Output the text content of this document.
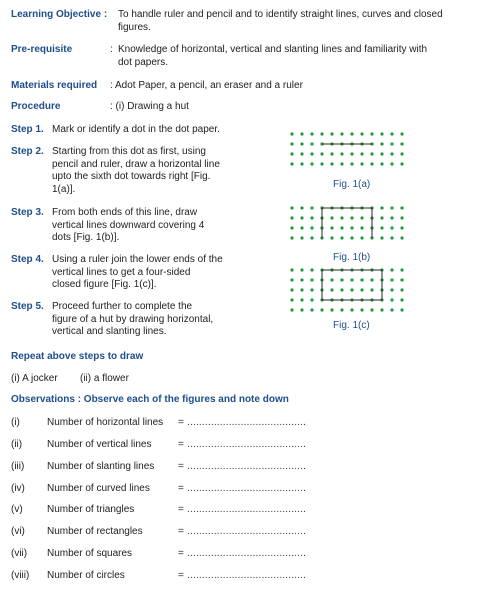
Learning Objective : To handle ruler and pencil and to identify straight lines, curves and closed
figures.
Pre-requisite	: Knowledge of horizontal, vertical and slanting lines and familiarity with
dot papers.
Materials required : Adot Paper, a pencil, an eraser and a ruler
Procedure	: (i) Drawing a hut
Step 1. Mark or identify a dot in the dot paper.
Step 2. Starting from this dot as first, using
pencil and ruler, draw a horizontal line
upto the sixth dot towards right [Fig.
1(a)].
Step 3. From both ends of this line, draw
vertical lines downward covering 4
dots [Fig. 1(b)].
Step 4. Using a ruler join the lower ends of the
vertical lines to get a four-sided
closed figure [Fig. 1(c)].
Step 5. Proceed further to complete the
figure of a hut by drawing horizontal,
vertical and slanting lines.
Fig. 1(a)
Fig. 1(b)
Fig. 1(c)
Repeat above steps to draw
(i) A jocker (ii) a flower
Observations : Observe each of the figures and note down
(i)	Number of horizontal lines = ........................................
(ii) Number of vertical lines	= ........................................
(iii) Number of slanting lines = ........................................
(iv) Number of curved lines	= ........................................
(v) Number of triangles	= ........................................
(vi) Number of rectangles	= ........................................
(vii) Number of squares	= ........................................
(viii) Number of circles	= ........................................
